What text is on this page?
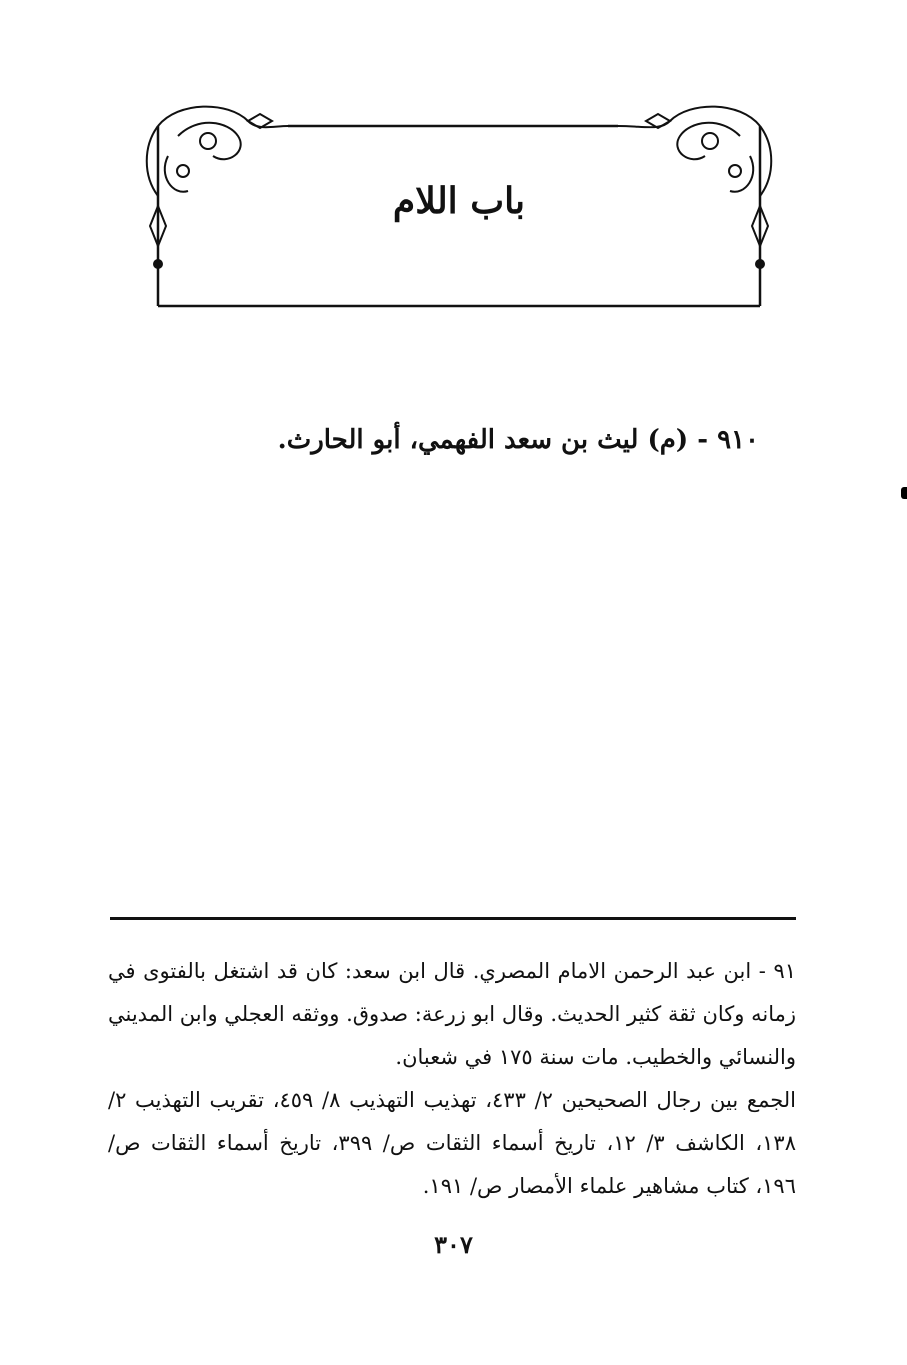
باب اللام
٩١٠ - (م) ليث بن سعد الفهمي، أبو الحارث.

٩١ - ابن عبد الرحمن الامام المصري. قال ابن سعد: كان قد اشتغل بالفتوى في زمانه وكان ثقة كثير الحديث. وقال ابو زرعة: صدوق. ووثقه العجلي وابن المديني والنسائي والخطيب. مات سنة ١٧٥ في شعبان.

الجمع بين رجال الصحيحين ٢/ ٤٣٣، تهذيب التهذيب ٨/ ٤٥٩، تقريب التهذيب ٢/ ١٣٨، الكاشف ٣/ ١٢، تاريخ أسماء الثقات ص/ ٣٩٩، تاريخ أسماء الثقات ص/ ١٩٦، كتاب مشاهير علماء الأمصار ص/ ١٩١.

٣٠٧
